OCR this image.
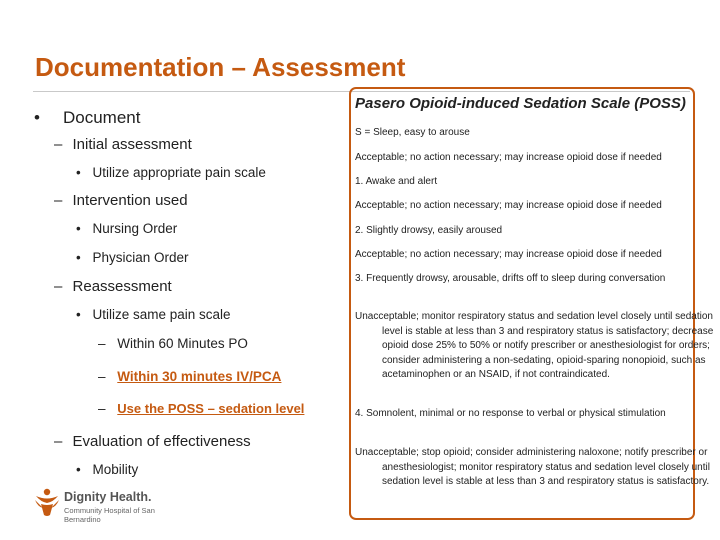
Documentation – Assessment
• Document
– Initial assessment
• Utilize appropriate pain scale
– Intervention used
• Nursing Order
• Physician Order
– Reassessment
• Utilize same pain scale
– Within 60 Minutes PO
– Within 30 minutes IV/PCA
– Use the POSS – sedation level
– Evaluation of effectiveness
• Mobility
Pasero Opioid-induced Sedation Scale (POSS)
S = Sleep, easy to arouse
Acceptable; no action necessary; may increase opioid dose if needed
1. Awake and alert
Acceptable; no action necessary; may increase opioid dose if needed
2. Slightly drowsy, easily aroused
Acceptable; no action necessary; may increase opioid dose if needed
3. Frequently drowsy, arousable, drifts off to sleep during conversation
Unacceptable; monitor respiratory status and sedation level closely until sedation level is stable at less than 3 and respiratory status is satisfactory; decrease opioid dose 25% to 50% or notify prescriber or anesthesiologist for orders; consider administering a non-sedating, opioid-sparing nonopioid, such as acetaminophen or an NSAID, if not contraindicated.
4. Somnolent, minimal or no response to verbal or physical stimulation
Unacceptable; stop opioid; consider administering naloxone; notify prescriber or anesthesiologist; monitor respiratory status and sedation level closely until sedation level is stable at less than 3 and respiratory status is satisfactory.
Dignity Health.
Community Hospital of San Bernardino
